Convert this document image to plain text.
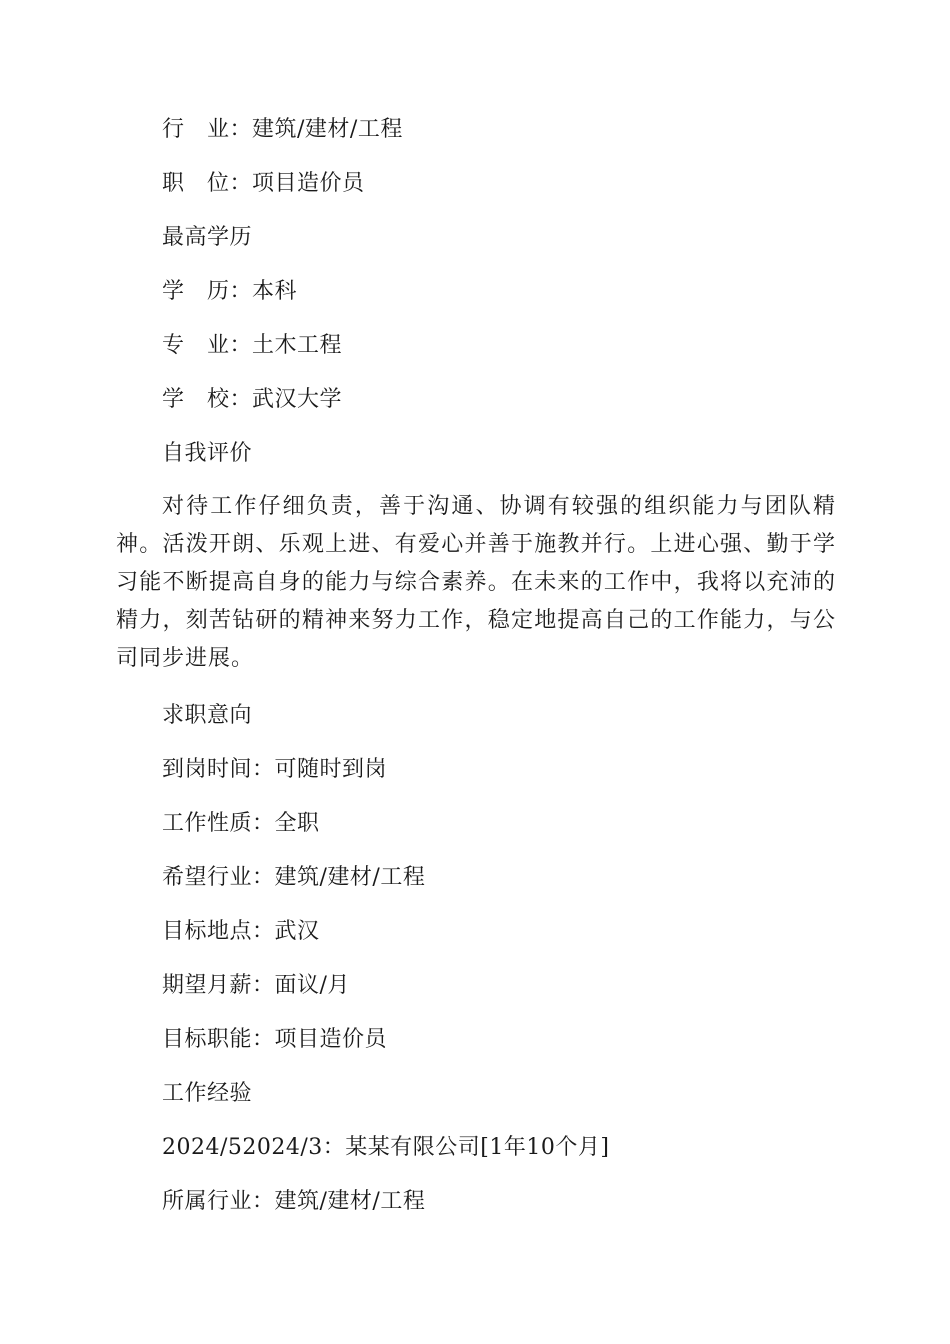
行　业：建筑/建材/工程
职　位：项目造价员
最高学历
学　历：本科
专　业：土木工程
学　校：武汉大学
自我评价
对待工作仔细负责，善于沟通、协调有较强的组织能力与团队精神。活泼开朗、乐观上进、有爱心并善于施教并行。上进心强、勤于学习能不断提高自身的能力与综合素养。在未来的工作中，我将以充沛的精力，刻苦钻研的精神来努力工作，稳定地提高自己的工作能力，与公司同步进展。
求职意向
到岗时间：可随时到岗
工作性质：全职
希望行业：建筑/建材/工程
目标地点：武汉
期望月薪：面议/月
目标职能：项目造价员
工作经验
2024/52024/3：某某有限公司[1年10个月]
所属行业：建筑/建材/工程
